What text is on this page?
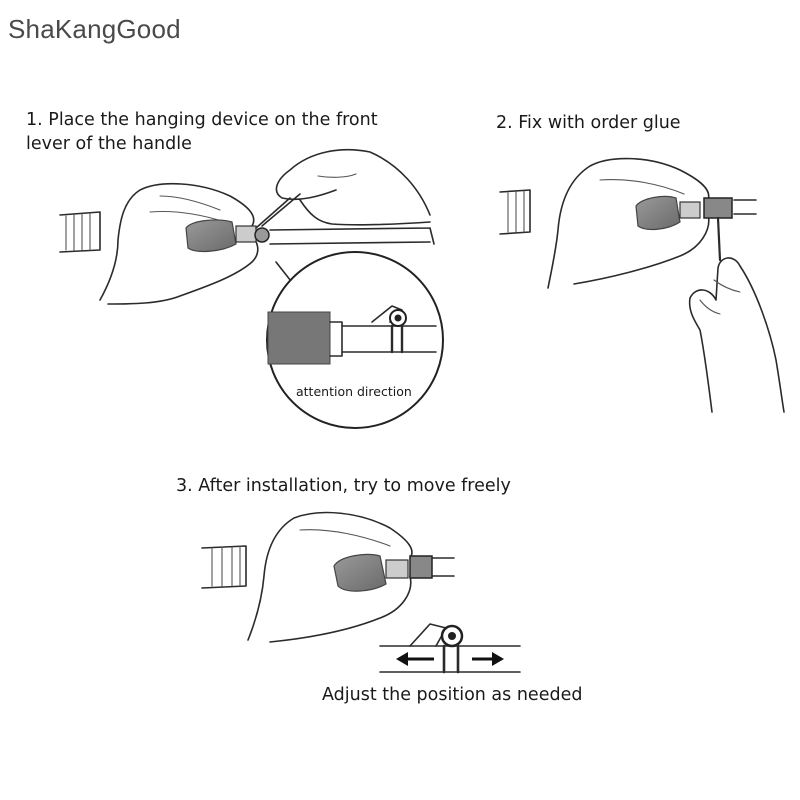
ShaKangGood
1. Place the hanging device on the front
lever of the handle
2. Fix with order glue
3. After installation, try to move freely
attention direction
Adjust the position as needed
